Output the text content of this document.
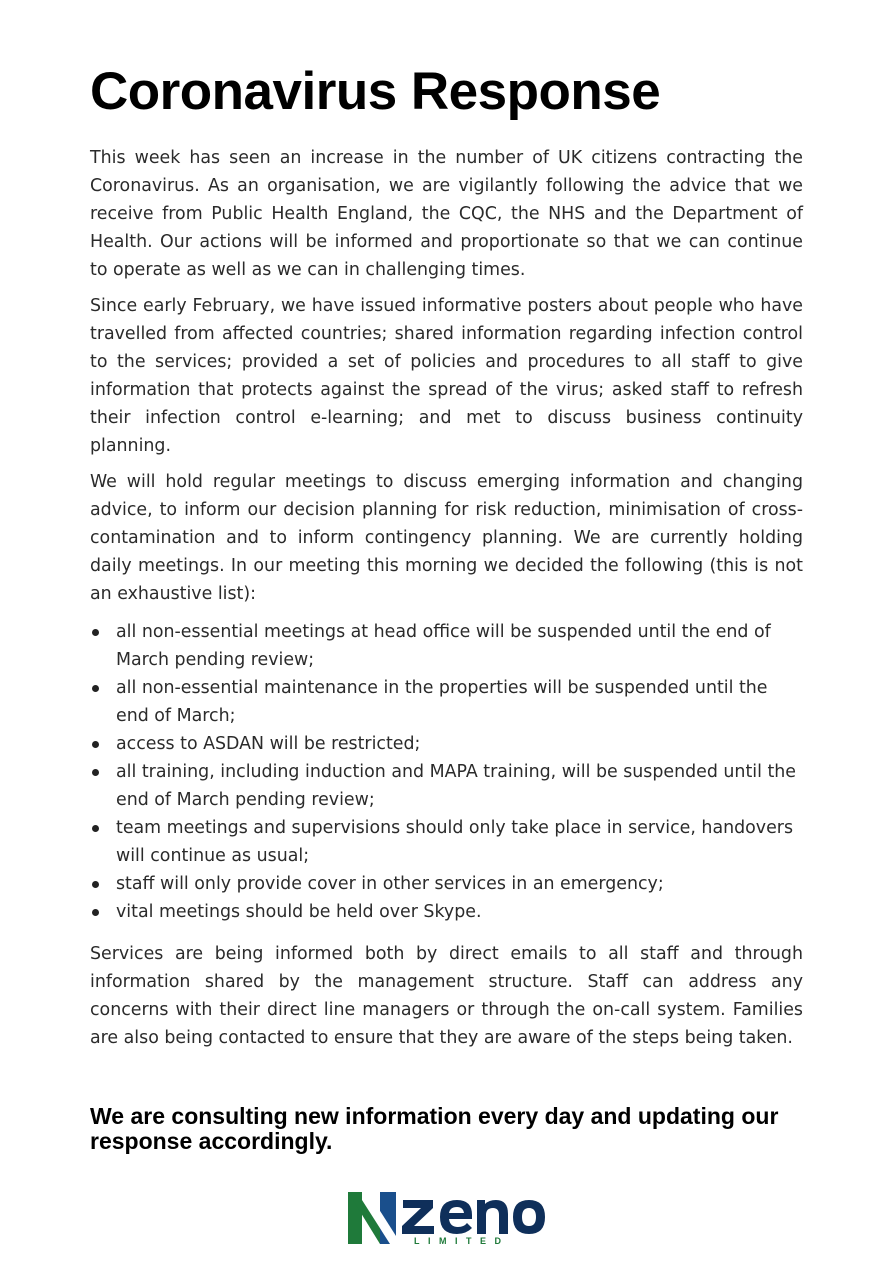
Coronavirus Response

This week has seen an increase in the number of UK citizens contracting the Coronavirus. As an organisation, we are vigilantly following the advice that we receive from Public Health England, the CQC, the NHS and the Department of Health. Our actions will be informed and proportionate so that we can continue to operate as well as we can in challenging times.

Since early February, we have issued informative posters about people who have travelled from affected countries; shared information regarding infection control to the services; provided a set of policies and procedures to all staff to give information that protects against the spread of the virus; asked staff to refresh their infection control e-learning; and met to discuss business continuity planning.

We will hold regular meetings to discuss emerging information and changing advice, to inform our decision planning for risk reduction, minimisation of cross-contamination and to inform contingency planning. We are currently holding daily meetings. In our meeting this morning we decided the following (this is not an exhaustive list):

all non-essential meetings at head office will be suspended until the end of March pending review;
all non-essential maintenance in the properties will be suspended until the end of March;
access to ASDAN will be restricted;
all training, including induction and MAPA training, will be suspended until the end of March pending review;
team meetings and supervisions should only take place in service, handovers will continue as usual;
staff will only provide cover in other services in an emergency;
vital meetings should be held over Skype.

Services are being informed both by direct emails to all staff and through information shared by the management structure. Staff can address any concerns with their direct line managers or through the on-call system. Families are also being contacted to ensure that they are aware of the steps being taken.

We are consulting new information every day and updating our response accordingly.

LIMITED
